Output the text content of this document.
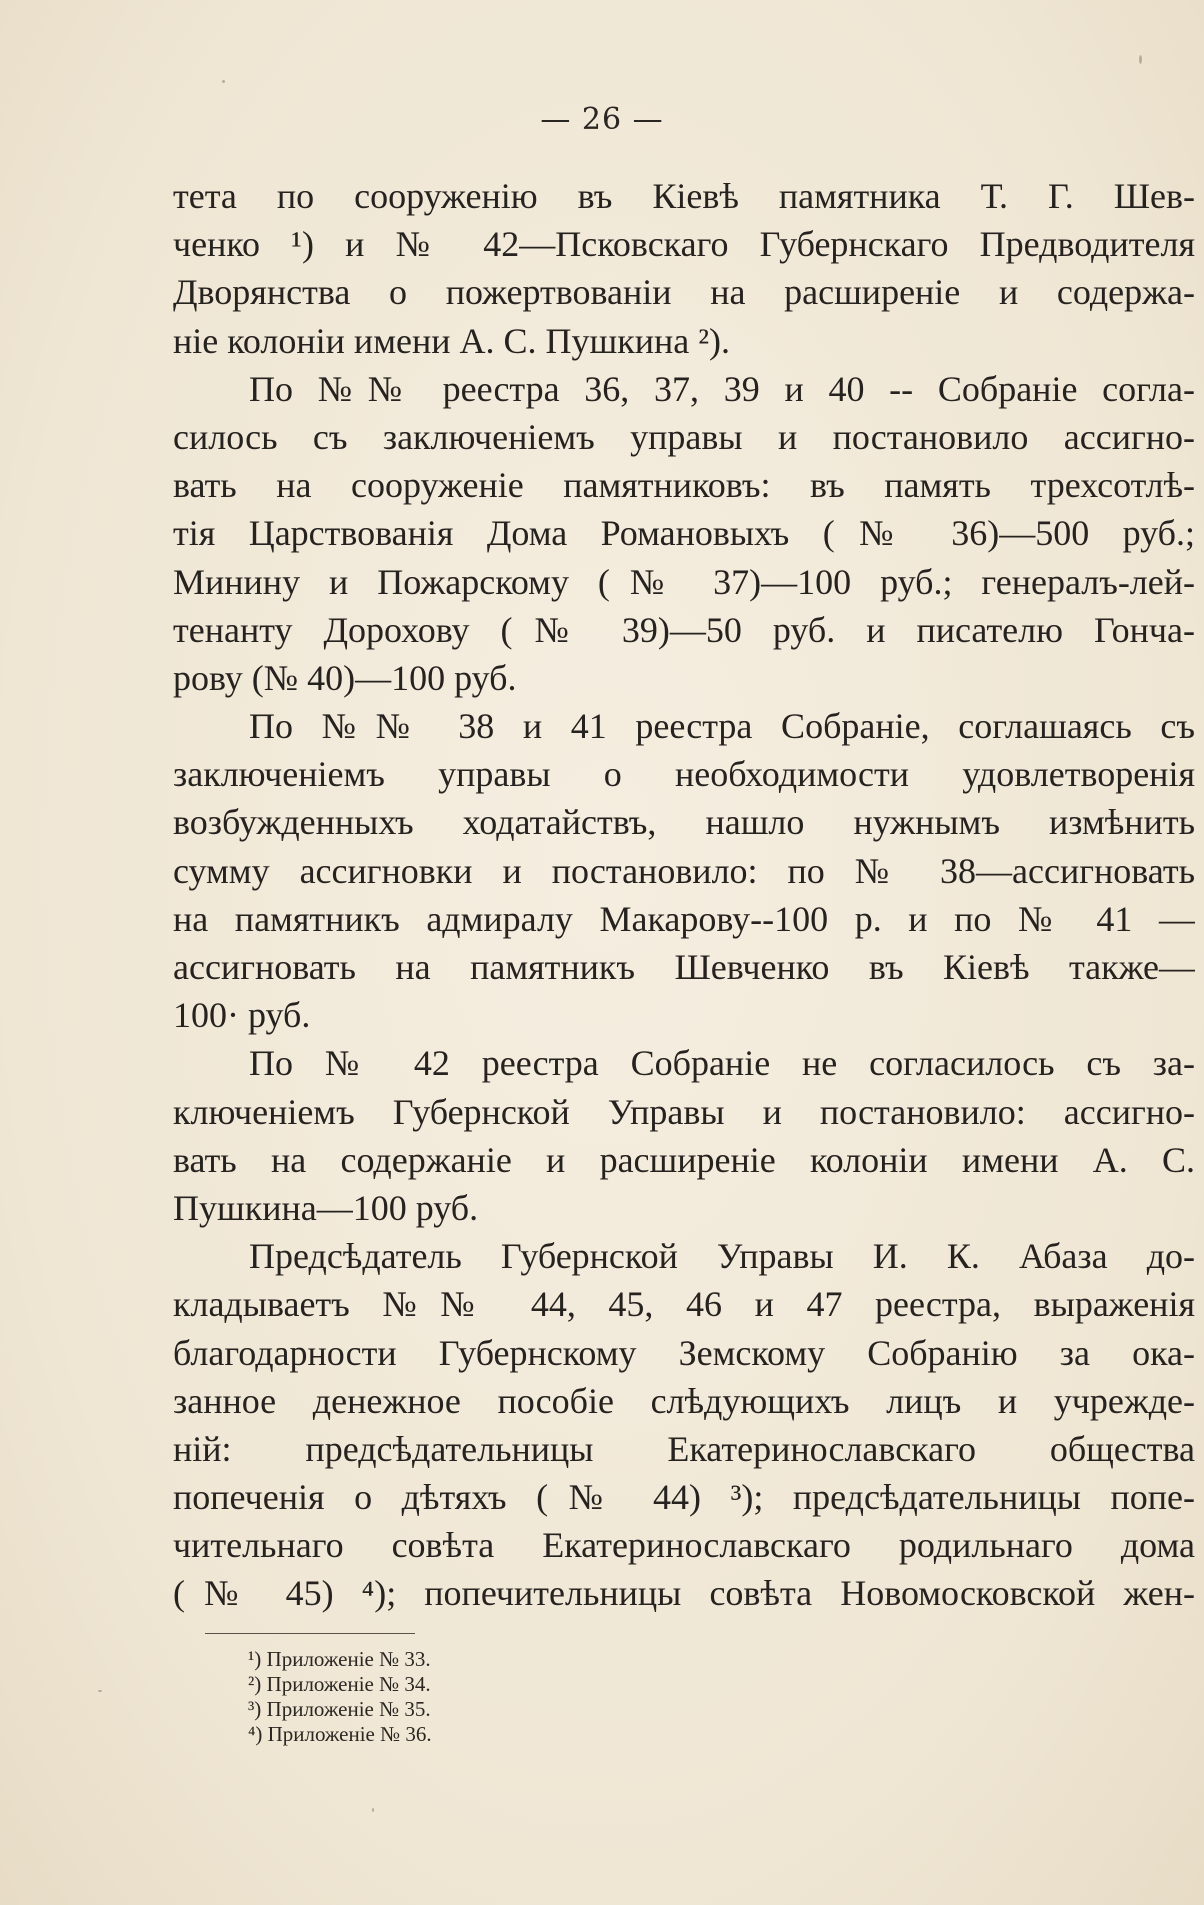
— 26 —
тета по сооруженію въ Кіевѣ памятника Т. Г. Шев-
ченко ¹) и № 42—Псковскаго Губернскаго Предводителя
Дворянства о пожертвованіи на расширеніе и содержа-
ніе колоніи имени А. С. Пушкина ²).
По №№ реестра 36, 37, 39 и 40 -- Собраніе согла-
силось съ заключеніемъ управы и постановило ассигно-
вать на сооруженіе памятниковъ: въ память трехсотлѣ-
тія Царствованія Дома Романовыхъ (№ 36)—500 руб.;
Минину и Пожарскому (№ 37)—100 руб.; генералъ-лей-
тенанту Дорохову (№ 39)—50 руб. и писателю Гонча-
рову (№ 40)—100 руб.
По №№ 38 и 41 реестра Собраніе, соглашаясь съ
заключеніемъ управы о необходимости удовлетворенія
возбужденныхъ ходатайствъ, нашло нужнымъ измѣнить
сумму ассигновки и постановило: по № 38—ассигновать
на памятникъ адмиралу Макарову--100 р. и по № 41 —
ассигновать на памятникъ Шевченко въ Кіевѣ также—
100· руб.
По № 42 реестра Собраніе не согласилось съ за-
ключеніемъ Губернской Управы и постановило: ассигно-
вать на содержаніе и расширеніе колоніи имени А. С.
Пушкина—100 руб.
Предсѣдатель Губернской Управы И. К. Абаза до-
кладываетъ №№ 44, 45, 46 и 47 реестра, выраженія
благодарности Губернскому Земскому Собранію за ока-
занное денежное пособіе слѣдующихъ лицъ и учрежде-
ній: предсѣдательницы Екатеринославскаго общества
попеченія о дѣтяхъ (№ 44) ³); предсѣдательницы попе-
чительнаго совѣта Екатеринославскаго родильнаго дома
(№ 45) ⁴); попечительницы совѣта Новомосковской жен-
¹) Приложеніе № 33.
²) Приложеніе № 34.
³) Приложеніе № 35.
⁴) Приложеніе № 36.
